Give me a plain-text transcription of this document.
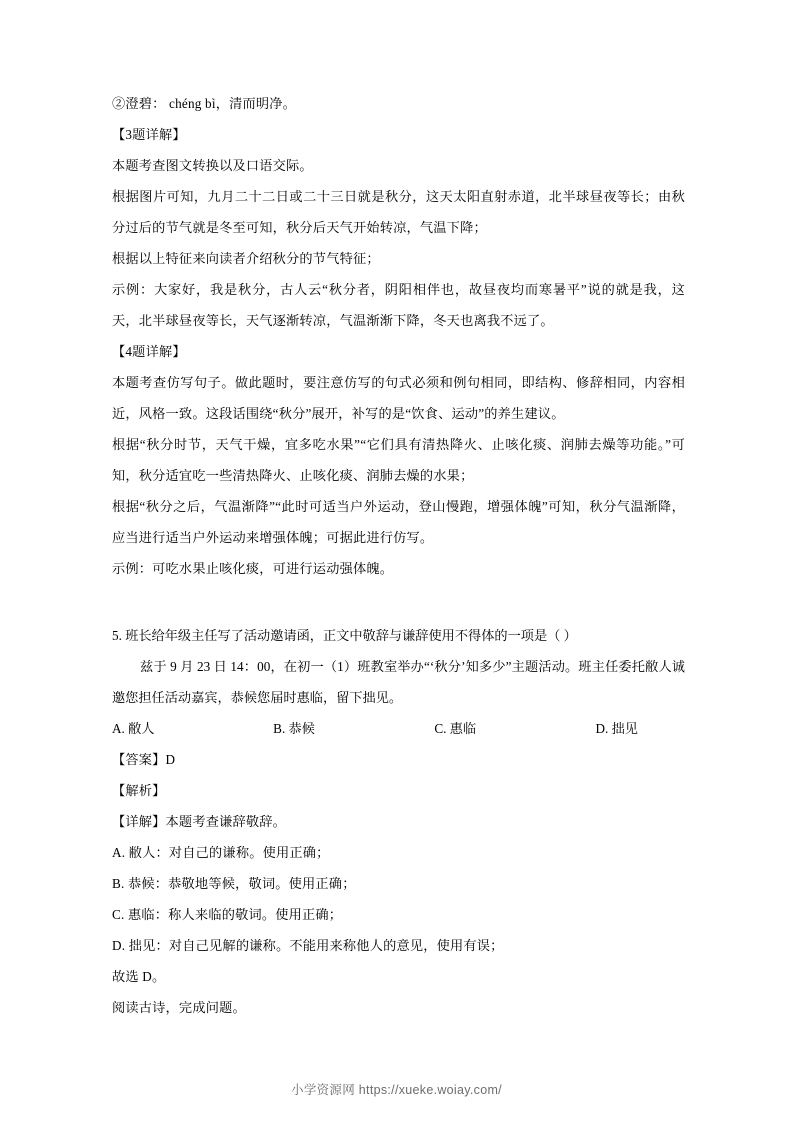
②澄碧： chéng bì，清而明净。

【3题详解】

本题考查图文转换以及口语交际。

根据图片可知，九月二十二日或二十三日就是秋分，这天太阳直射赤道，北半球昼夜等长；由秋分过后的节气就是冬至可知，秋分后天气开始转凉，气温下降；

根据以上特征来向读者介绍秋分的节气特征；

示例：大家好，我是秋分，古人云“秋分者，阴阳相伴也，故昼夜均而寒暑平”说的就是我，这天，北半球昼夜等长，天气逐渐转凉，气温渐渐下降，冬天也离我不远了。

【4题详解】

本题考查仿写句子。做此题时，要注意仿写的句式必须和例句相同，即结构、修辞相同，内容相近，风格一致。这段话围绕“秋分”展开，补写的是“饮食、运动”的养生建议。

根据“秋分时节，天气干燥，宜多吃水果”“它们具有清热降火、止咳化痰、润肺去燥等功能。”可知，秋分适宜吃一些清热降火、止咳化痰、润肺去燥的水果；

根据“秋分之后，气温渐降”“此时可适当户外运动，登山慢跑，增强体魄”可知，秋分气温渐降，应当进行适当户外运动来增强体魄；可据此进行仿写。

示例：可吃水果止咳化痰，可进行运动强体魄。

5. 班长给年级主任写了活动邀请函，正文中敬辞与谦辞使用不得体的一项是（ ）

兹于 9 月 23 日 14：00，在初一（1）班教室举办“‘秋分’知多少”主题活动。班主任委托敝人诚邀您担任活动嘉宾，恭候您届时惠临，留下拙见。

A. 敝人	B. 恭候	C. 惠临	D. 拙见

【答案】D

【解析】

【详解】本题考查谦辞敬辞。

A. 敝人：对自己的谦称。使用正确；

B. 恭候：恭敬地等候，敬词。使用正确；

C. 惠临：称人来临的敬词。使用正确；

D. 拙见：对自己见解的谦称。不能用来称他人的意见，使用有误；

故选 D。

阅读古诗，完成问题。

小学资源网 https://xueke.woiay.com/
